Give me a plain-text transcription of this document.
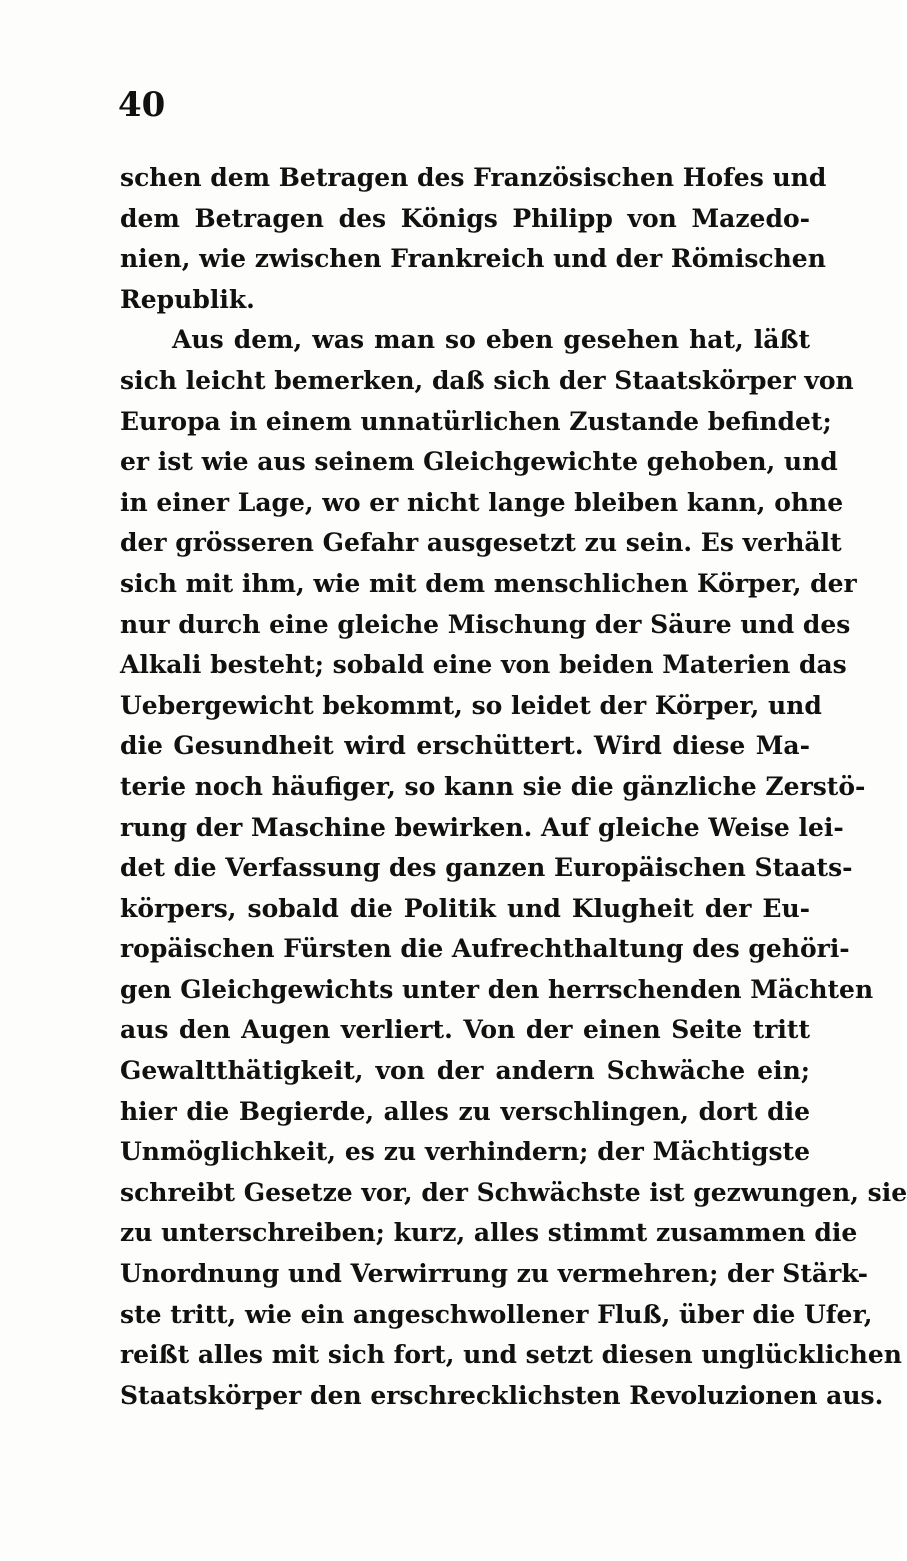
40
schen dem Betragen des Französischen Hofes und
dem Betragen des Königs Philipp von Mazedo-
nien, wie zwischen Frankreich und der Römischen
Republik.
Aus dem, was man so eben gesehen hat, läßt
sich leicht bemerken, daß sich der Staatskörper von
Europa in einem unnatürlichen Zustande befindet;
er ist wie aus seinem Gleichgewichte gehoben, und
in einer Lage, wo er nicht lange bleiben kann, ohne
der grösseren Gefahr ausgesetzt zu sein. Es verhält
sich mit ihm, wie mit dem menschlichen Körper, der
nur durch eine gleiche Mischung der Säure und des
Alkali besteht; sobald eine von beiden Materien das
Uebergewicht bekommt, so leidet der Körper, und
die Gesundheit wird erschüttert. Wird diese Ma-
terie noch häufiger, so kann sie die gänzliche Zerstö-
rung der Maschine bewirken. Auf gleiche Weise lei-
det die Verfassung des ganzen Europäischen Staats-
körpers, sobald die Politik und Klugheit der Eu-
ropäischen Fürsten die Aufrechthaltung des gehöri-
gen Gleichgewichts unter den herrschenden Mächten
aus den Augen verliert. Von der einen Seite tritt
Gewaltthätigkeit, von der andern Schwäche ein;
hier die Begierde, alles zu verschlingen, dort die
Unmöglichkeit, es zu verhindern; der Mächtigste
schreibt Gesetze vor, der Schwächste ist gezwungen, sie
zu unterschreiben; kurz, alles stimmt zusammen die
Unordnung und Verwirrung zu vermehren; der Stärk-
ste tritt, wie ein angeschwollener Fluß, über die Ufer,
reißt alles mit sich fort, und setzt diesen unglücklichen
Staatskörper den erschrecklichsten Revoluzionen aus.
